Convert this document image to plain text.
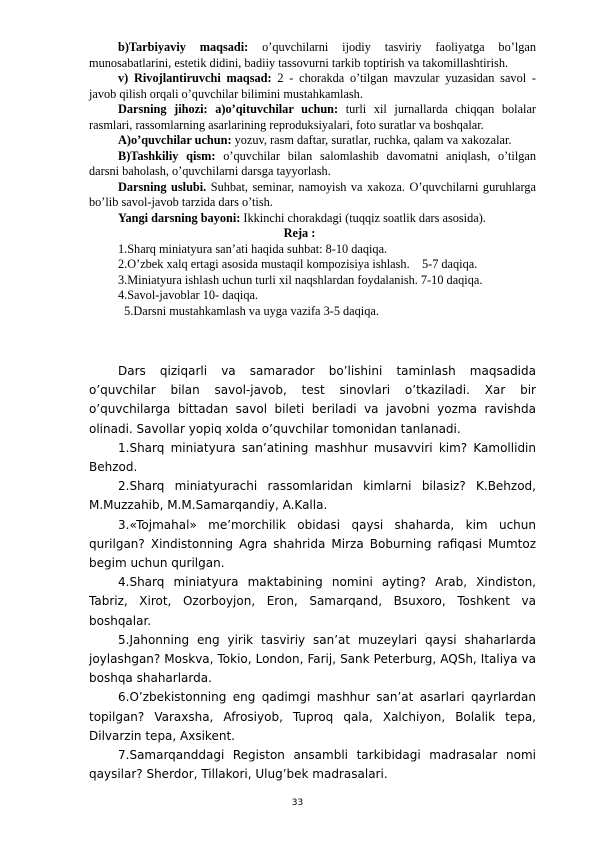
b)Tarbiyaviy maqsadi: o’quvchilarni ijodiy tasviriy faoliyatga bo’lgan munosabatlarini, estetik didini, badiiy tassovurni tarkib toptirish va takomillashtirish.

v) Rivojlantiruvchi maqsad: 2 - chorakda o’tilgan mavzular yuzasidan savol - javob qilish orqali o’quvchilar bilimini mustahkamlash.

Darsning jihozi: a)o’qituvchilar uchun: turli xil jurnallarda chiqqan bolalar rasmlari, rassomlarning asarlarining reproduksiyalari, foto suratlar va boshqalar.

A)o’quvchilar uchun: yozuv, rasm daftar, suratlar, ruchka, qalam va xakozalar.

B)Tashkiliy qism: o’quvchilar bilan salomlashib davomatni aniqlash, o’tilgan darsni baholash, o’quvchilarni darsga tayyorlash.

Darsning uslubi. Suhbat, seminar, namoyish va xakoza. O’quvchilarni guruhlarga bo’lib savol-javob tarzida dars o’tish.

Yangi darsning bayoni: Ikkinchi chorakdagi (tuqqiz soatlik dars asosida).

Reja :

1.Sharq miniatyura san’ati haqida suhbat: 8-10 daqiqa.

2.O’zbek xalq ertagi asosida mustaqil kompozisiya ishlash.    5-7 daqiqa.

3.Miniatyura ishlash uchun turli xil naqshlardan foydalanish. 7-10 daqiqa.

4.Savol-javoblar 10- daqiqa.

5.Darsni mustahkamlash va uyga vazifa 3-5 daqiqa.

Dars qiziqarli va samarador bo’lishini taminlash maqsadida o’quvchilar bilan savol-javob, test sinovlari o’tkaziladi. Xar bir o’quvchilarga bittadan savol bileti beriladi va javobni yozma ravishda olinadi. Savollar yopiq xolda o’quvchilar tomonidan tanlanadi.

1.Sharq miniatyura san’atining mashhur musavviri kim? Kamollidin Behzod.

2.Sharq miniatyurachi rassomlaridan kimlarni bilasiz? K.Behzod, M.Muzzahib, M.M.Samarqandiy, A.Kalla.

3.«Tojmahal» me’morchilik obidasi qaysi shaharda, kim uchun qurilgan? Xindistonning Agra shahrida Mirza Boburning rafiqasi Mumtoz begim uchun qurilgan.

4.Sharq miniatyura maktabining nomini ayting? Arab, Xindiston, Tabriz, Xirot, Ozorboyjon, Eron, Samarqand, Bsuxoro, Toshkent va boshqalar.

5.Jahonning eng yirik tasviriy san’at muzeylari qaysi shaharlarda joylashgan? Moskva, Tokio, London, Farij, Sank Peterburg, AQSh, Italiya va boshqa shaharlarda.

6.O’zbekistonning eng qadimgi mashhur san’at asarlari qayrlardan topilgan? Varaxsha, Afrosiyob, Tuproq qala, Xalchiyon, Bolalik tepa, Dilvarzin tepa, Axsikent.

7.Samarqanddagi Registon ansambli tarkibidagi madrasalar nomi qaysilar? Sherdor, Tillakori, Ulug’bek madrasalari.

33
